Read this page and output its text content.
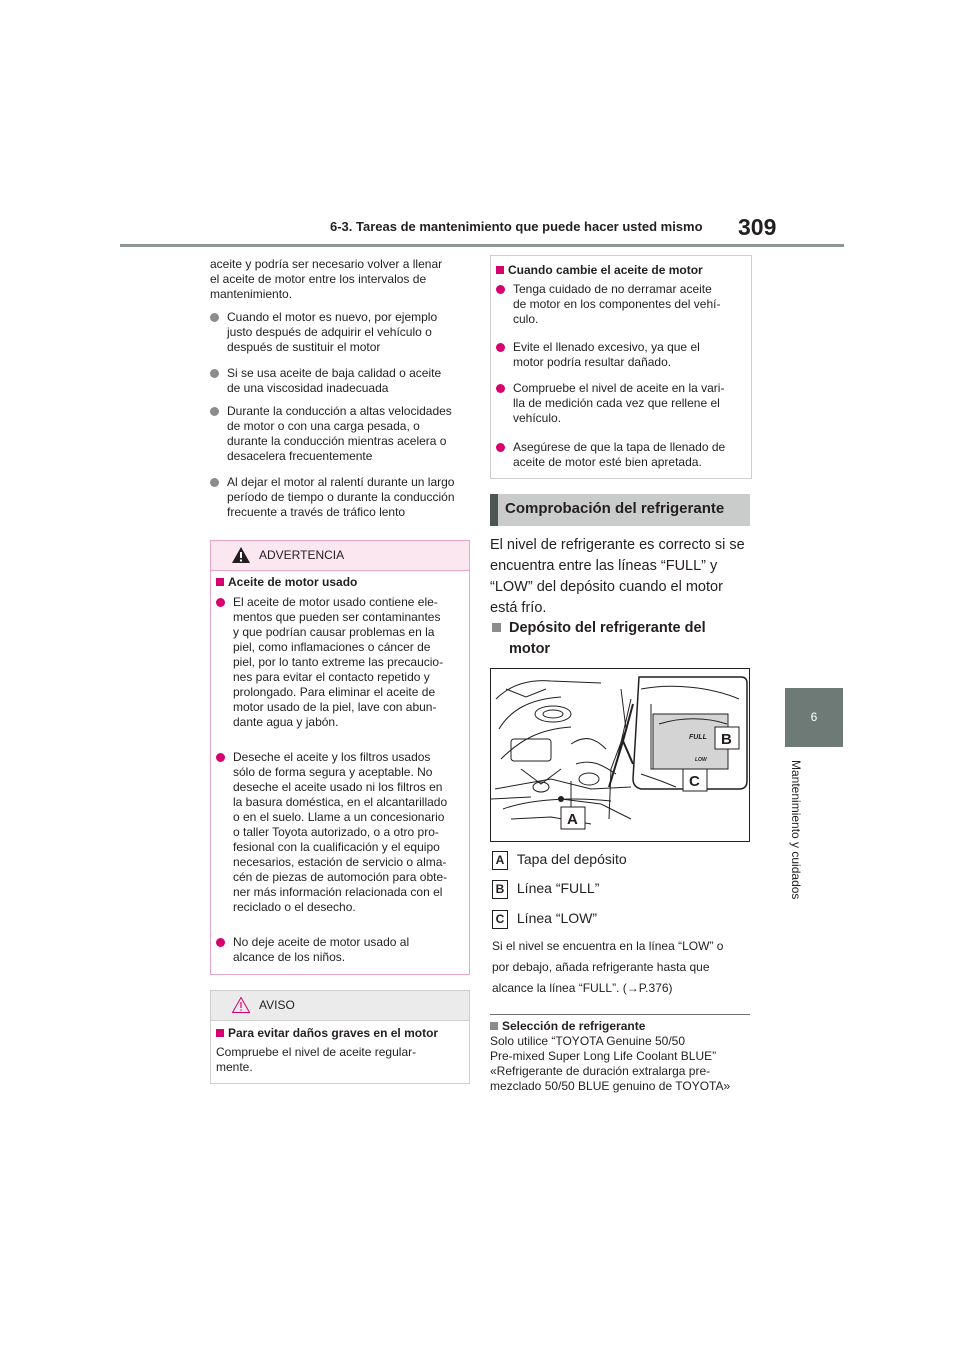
6-3. Tareas de mantenimiento que puede hacer usted mismo 309
6
Mantenimiento y cuidados
aceite y podría ser necesario volver a llenar
el aceite de motor entre los intervalos de
mantenimiento.
Cuando el motor es nuevo, por ejemplo
justo después de adquirir el vehículo o
después de sustituir el motor
Si se usa aceite de baja calidad o aceite
de una viscosidad inadecuada
Durante la conducción a altas velocidades
de motor o con una carga pesada, o
durante la conducción mientras acelera o
desacelera frecuentemente
Al dejar el motor al ralentí durante un largo
período de tiempo o durante la conducción
frecuente a través de tráfico lento
ADVERTENCIA
Aceite de motor usado
El aceite de motor usado contiene ele-
mentos que pueden ser contaminantes
y que podrían causar problemas en la
piel, como inflamaciones o cáncer de
piel, por lo tanto extreme las precaucio-
nes para evitar el contacto repetido y
prolongado. Para eliminar el aceite de
motor usado de la piel, lave con abun-
dante agua y jabón.
Deseche el aceite y los filtros usados
sólo de forma segura y aceptable. No
deseche el aceite usado ni los filtros en
la basura doméstica, en el alcantarillado
o en el suelo. Llame a un concesionario
o taller Toyota autorizado, o a otro pro-
fesional con la cualificación y el equipo
necesarios, estación de servicio o alma-
cén de piezas de automoción para obte-
ner más información relacionada con el
reciclado o el desecho.
No deje aceite de motor usado al
alcance de los niños.
AVISO
Para evitar daños graves en el motor
Compruebe el nivel de aceite regular-
mente.
Cuando cambie el aceite de motor
Tenga cuidado de no derramar aceite
de motor en los componentes del vehí-
culo.
Evite el llenado excesivo, ya que el
motor podría resultar dañado.
Compruebe el nivel de aceite en la vari-
lla de medición cada vez que rellene el
vehículo.
Asegúrese de que la tapa de llenado de
aceite de motor esté bien apretada.
Comprobación del refrigerante
El nivel de refrigerante es correcto si se
encuentra entre las líneas “FULL” y
“LOW” del depósito cuando el motor
está frío.
Depósito del refrigerante del
motor
FULL
LOW
B
C
A
A Tapa del depósito
B Línea “FULL”
C Línea “LOW”
Si el nivel se encuentra en la línea “LOW” o
por debajo, añada refrigerante hasta que
alcance la línea “FULL”. (→P.376)
Selección de refrigerante
Solo utilice “TOYOTA Genuine 50/50
Pre-mixed Super Long Life Coolant BLUE”
«Refrigerante de duración extralarga pre-
mezclado 50/50 BLUE genuino de TOYOTA»
